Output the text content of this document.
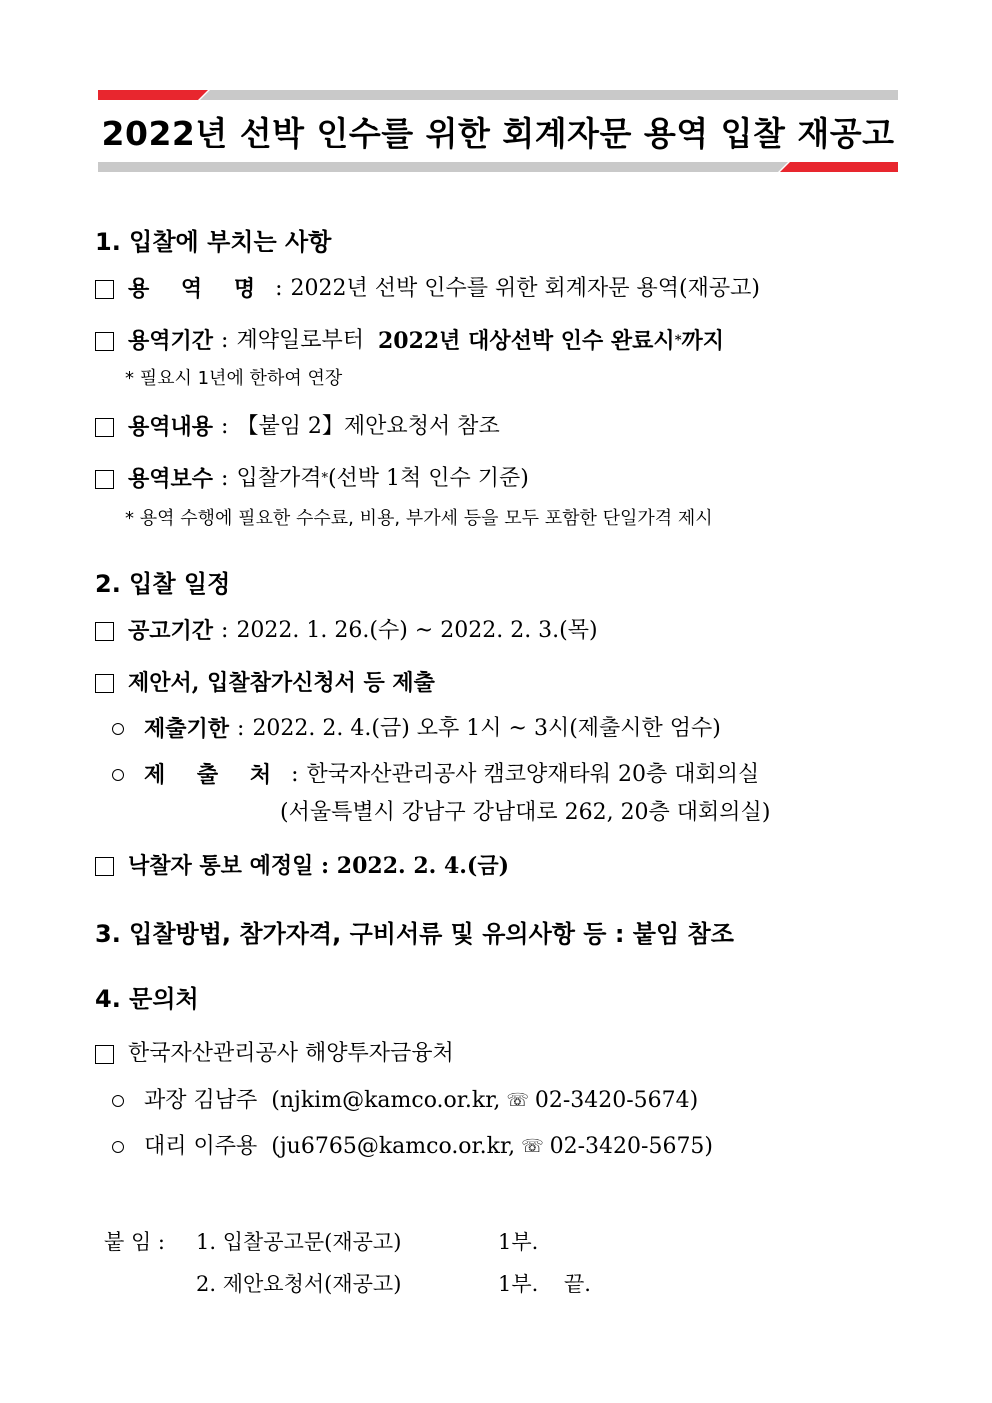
2022년 선박 인수를 위한 회계자문 용역 입찰 재공고
1. 입찰에 부치는 사항
용 역 명 : 2022년 선박 인수를 위한 회계자문 용역(재공고)
용역기간 : 계약일로부터 2022년 대상선박 인수 완료시 * 까지
* 필요시 1년에 한하여 연장
용역내용 : 【붙임 2】제안요청서 참조
용역보수 : 입찰가격 * (선박 1척 인수 기준)
* 용역 수행에 필요한 수수료, 비용, 부가세 등을 모두 포함한 단일가격 제시
2. 입찰 일정
공고기간 : 2022. 1. 26.(수) ~ 2022. 2. 3.(목)
제안서, 입찰참가신청서 등 제출
제출기한 : 2022. 2. 4.(금) 오후 1시 ~ 3시(제출시한 엄수)
제 출 처 : 한국자산관리공사 캠코양재타워 20층 대회의실
(서울특별시 강남구 강남대로 262, 20층 대회의실)
낙찰자 통보 예정일 : 2022. 2. 4.(금)
3. 입찰방법, 참가자격, 구비서류 및 유의사항 등 : 붙임 참조
4. 문의처
한국자산관리공사 해양투자금융처
과장 김남주 (njkim@kamco.or.kr, ☏ 02-3420-5674)
대리 이주용 (ju6765@kamco.or.kr, ☏ 02-3420-5675)
붙 임 : 1. 입찰공고문(재공고)	1부.
2. 제안요청서(재공고)	1부. 끝.
